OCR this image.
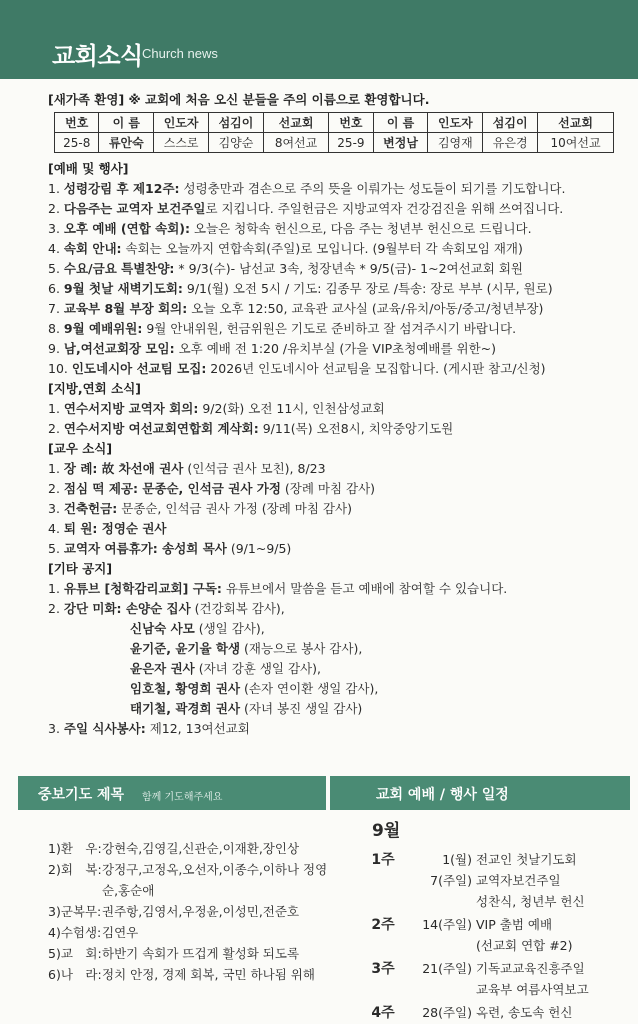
교회소식 Church news
[새가족 환영] ※ 교회에 처음 오신 분들을 주의 이름으로 환영합니다.
번호	이 름	인도자	섬김이	선교회	번호	이 름	인도자	섬김이	선교회
25-8	류안숙	스스로	김양순	8여선교	25-9	변정남	김영재	유은경	10여선교
[예배 및 행사]
1. 성령강림 후 제12주: 성령충만과 겸손으로 주의 뜻을 이뤄가는 성도들이 되기를 기도합니다.
2. 다음주는 교역자 보건주일로 지킵니다. 주일헌금은 지방교역자 건강검진을 위해 쓰여집니다.
3. 오후 예배 (연합 속회): 오늘은 청학속 헌신으로, 다음 주는 청년부 헌신으로 드립니다.
4. 속회 안내: 속회는 오늘까지 연합속회(주일)로 모입니다. (9월부터 각 속회모임 재개)
5. 수요/금요 특별찬양: * 9/3(수)- 남선교 3속, 청장년속 * 9/5(금)- 1~2여선교회 회원
6. 9월 첫날 새벽기도회: 9/1(월) 오전 5시 / 기도: 김종무 장로 /특송: 장로 부부 (시무, 원로)
7. 교육부 8월 부장 회의: 오늘 오후 12:50, 교육관 교사실 (교육/유치/아동/중고/청년부장)
8. 9월 예배위원: 9월 안내위원, 헌금위원은 기도로 준비하고 잘 섬겨주시기 바랍니다.
9. 남,여선교회장 모임: 오후 예배 전 1:20 /유치부실 (가을 VIP초청예배를 위한~)
10. 인도네시아 선교팀 모집: 2026년 인도네시아 선교팀을 모집합니다. (게시판 참고/신청)
[지방,연회 소식]
1. 연수서지방 교역자 회의: 9/2(화) 오전 11시, 인천삼성교회
2. 연수서지방 여선교회연합회 계삭회: 9/11(목) 오전8시, 치악중앙기도원
[교우 소식]
1. 장 례: 故 차선애 권사 (인석금 권사 모친), 8/23
2. 점심 떡 제공: 문종순, 인석금 권사 가정 (장례 마침 감사)
3. 건축헌금: 문종순, 인석금 권사 가정 (장례 마침 감사)
4. 퇴 원: 정영순 권사
5. 교역자 여름휴가: 송성희 목사 (9/1~9/5)
[기타 공지]
1. 유튜브 [청학감리교회] 구독: 유튜브에서 말씀을 듣고 예배에 참여할 수 있습니다.
2. 강단 미화: 손양순 집사 (건강회복 감사),
신남숙 사모 (생일 감사),
윤기준, 윤기율 학생 (재능으로 봉사 감사),
윤은자 권사 (자녀 강훈 생일 감사),
임호철, 황영희 권사 (손자 연이환 생일 감사),
태기철, 곽경희 권사 (자녀 봉진 생일 감사)
3. 주일 식사봉사: 제12, 13여선교회
중보기도 제목 함께 기도해주세요	교회 예배 / 행사 일정
1)환　우: 강현숙,김영길,신관순,이재환,장인상
2)회　복: 강정구,고정옥,오선자,이종수,이하나 정영순,홍순애
3)군복무: 권주항,김영서,우정윤,이성민,전준호
4)수험생: 김연우
5)교　회: 하반기 속회가 뜨겁게 활성화 되도록
6)나　라: 정치 안정, 경제 회복, 국민 하나됨 위해
9월
1주	1(월) 전교인 첫날기도회
7(주일) 교역자보건주일
성찬식, 청년부 헌신
2주	14(주일) VIP 출범 예배
(선교회 연합 #2)
3주	21(주일) 기독교교육진흥주일
교육부 여름사역보고
4주	28(주일) 옥련, 송도속 헌신
